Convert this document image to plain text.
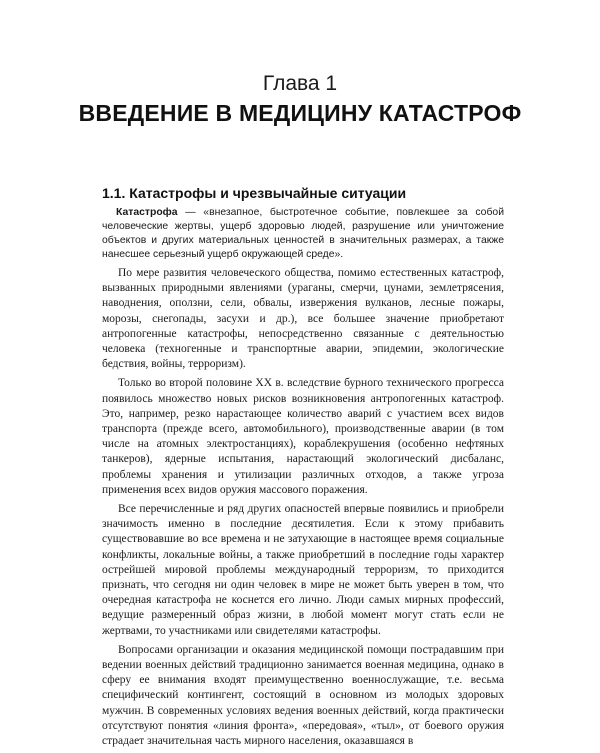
Глава 1
ВВЕДЕНИЕ В МЕДИЦИНУ КАТАСТРОФ
1.1. Катастрофы и чрезвычайные ситуации

Катастрофа — «внезапное, быстротечное событие, повлекшее за собой человеческие жертвы, ущерб здоровью людей, разрушение или уничтожение объектов и других материальных ценностей в значительных размерах, а также нанесшее серьезный ущерб окружающей среде».

По мере развития человеческого общества, помимо естественных катастроф, вызванных природными явлениями (ураганы, смерчи, цунами, землетрясения, наводнения, оползни, сели, обвалы, извержения вулканов, лесные пожары, морозы, снегопады, засухи и др.), все большее значение приобретают антропогенные катастрофы, непосредственно связанные с деятельностью человека (техногенные и транспортные аварии, эпидемии, экологические бедствия, войны, терроризм).

Только во второй половине XX в. вследствие бурного технического прогресса появилось множество новых рисков возникновения антропогенных катастроф. Это, например, резко нарастающее количество аварий с участием всех видов транспорта (прежде всего, автомобильного), производственные аварии (в том числе на атомных электростанциях), кораблекрушения (особенно нефтяных танкеров), ядерные испытания, нарастающий экологический дисбаланс, проблемы хранения и утилизации различных отходов, а также угроза применения всех видов оружия массового поражения.

Все перечисленные и ряд других опасностей впервые появились и приобрели значимость именно в последние десятилетия. Если к этому прибавить существовавшие во все времена и не затухающие в настоящее время социальные конфликты, локальные войны, а также приобретший в последние годы характер острейшей мировой проблемы международный терроризм, то приходится признать, что сегодня ни один человек в мире не может быть уверен в том, что очередная катастрофа не коснется его лично. Люди самых мирных профессий, ведущие размеренный образ жизни, в любой момент могут стать если не жертвами, то участниками или свидетелями катастрофы.

Вопросами организации и оказания медицинской помощи пострадавшим при ведении военных действий традиционно занимается военная медицина, однако в сферу ее внимания входят преимущественно военнослужащие, т.е. весьма специфический контингент, состоящий в основном из молодых здоровых мужчин. В современных условиях ведения военных действий, когда практически отсутствуют понятия «линия фронта», «передовая», «тыл», от боевого оружия страдает значительная часть мирного населения, оказавшаяся в
